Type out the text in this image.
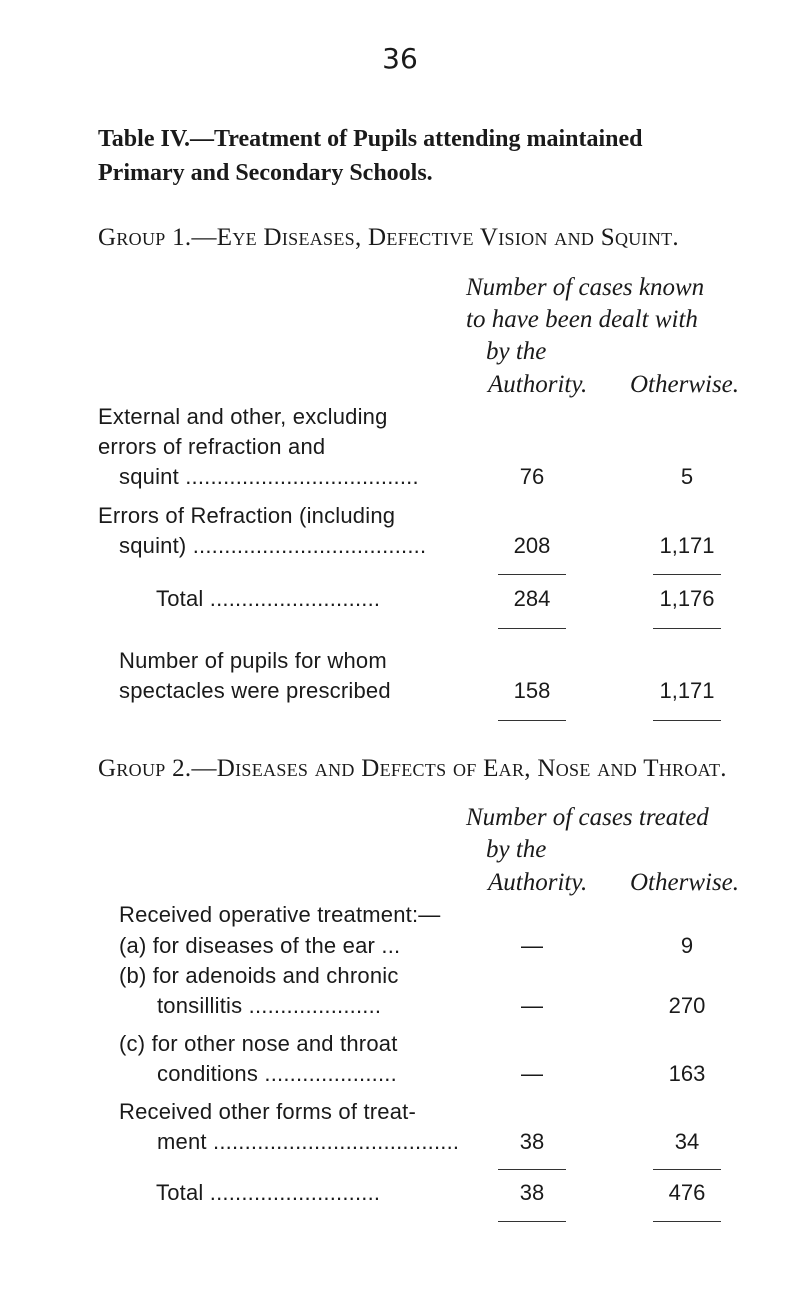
36
Table IV.—Treatment of Pupils attending maintained
Primary and Secondary Schools.
Group 1.—Eye Diseases, Defective Vision and Squint.
Number of cases known
to have been dealt with
by the
Authority. Otherwise.
External and other, excluding
errors of refraction and
squint .....................................	76	5
Errors of Refraction (including
squint) .....................................	208	1,171
Total ...........................	284	1,176
Number of pupils for whom
spectacles were prescribed	158	1,171
Group 2.—Diseases and Defects of Ear, Nose and Throat.
Number of cases treated
by the
Authority. Otherwise.
Received operative treatment:—
(a) for diseases of the ear ...	—	9
(b) for adenoids and chronic
tonsillitis .....................	—	270
(c) for other nose and throat
conditions .....................	—	163
Received other forms of treat-
ment .......................................	38	34
Total ...........................	38	476
